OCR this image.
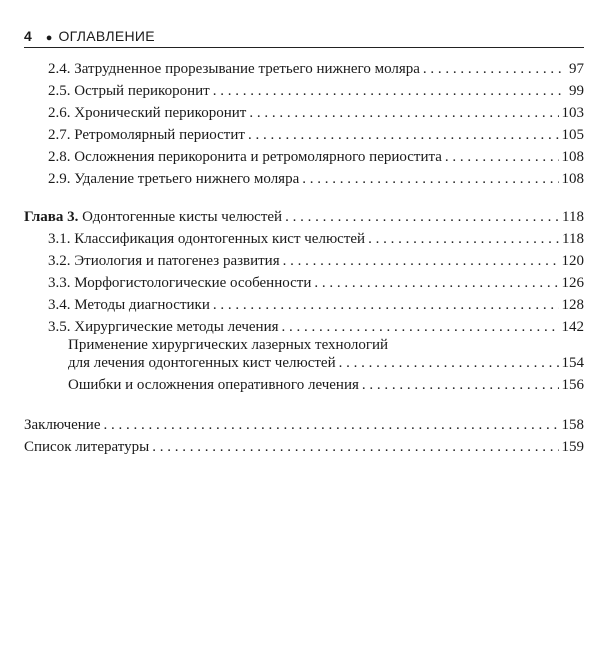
4 ● ОГЛАВЛЕНИЕ
2.4. Затрудненное прорезывание третьего нижнего моляра . . .	97
2.5. Острый перикоронит . . .	99
2.6. Хронический перикоронит . . .	103
2.7. Ретромолярный периостит . . .	105
2.8. Осложнения перикоронита и ретромолярного периостита . . .	108
2.9. Удаление третьего нижнего моляра . . .	108
Глава 3. Одонтогенные кисты челюстей . . .	118
3.1. Классификация одонтогенных кист челюстей . . .	118
3.2. Этиология и патогенез развития . . .	120
3.3. Морфогистологические особенности . . .	126
3.4. Методы диагностики . . .	128
3.5. Хирургические методы лечения . . .	142
Применение хирургических лазерных технологий
для лечения одонтогенных кист челюстей . . .	154
Ошибки и осложнения оперативного лечения . . .	156
Заключение . . .	158
Список литературы . . .	159
